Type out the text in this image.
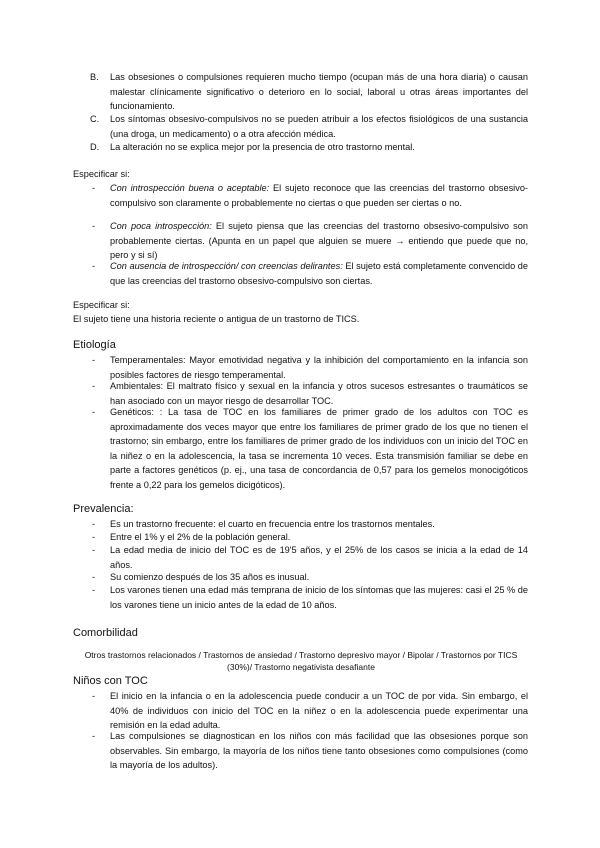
B. Las obsesiones o compulsiones requieren mucho tiempo (ocupan más de una hora diaria) o causan malestar clínicamente significativo o deterioro en lo social, laboral u otras áreas importantes del funcionamiento.

C. Los síntomas obsesivo-compulsivos no se pueden atribuir a los efectos fisiológicos de una sustancia (una droga, un medicamento) o a otra afección médica.

D. La alteración no se explica mejor por la presencia de otro trastorno mental.

Especificar si:
- Con introspección buena o aceptable: El sujeto reconoce que las creencias del trastorno obsesivo- compulsivo son claramente o probablemente no ciertas o que pueden ser ciertas o no.

- Con poca introspección: El sujeto piensa que las creencias del trastorno obsesivo-compulsivo son probablemente ciertas. (Apunta en un papel que alguien se muere → entiendo que puede que no, pero y si sí)

- Con ausencia de introspección/ con creencias delirantes: El sujeto está completamente convencido de que las creencias del trastorno obsesivo-compulsivo son ciertas.

Especificar si:
El sujeto tiene una historia reciente o antigua de un trastorno de TICS.
Etiología
- Temperamentales: Mayor emotividad negativa y la inhibición del comportamiento en la infancia son posibles factores de riesgo temperamental.

- Ambientales: El maltrato físico y sexual en la infancia y otros sucesos estresantes o traumáticos se han asociado con un mayor riesgo de desarrollar TOC.

- Genéticos: : La tasa de TOC en los familiares de primer grado de los adultos con TOC es aproximadamente dos veces mayor que entre los familiares de primer grado de los que no tienen el trastorno; sin embargo, entre los familiares de primer grado de los individuos con un inicio del TOC en la niñez o en la adolescencia, la tasa se incrementa 10 veces. Esta transmisión familiar se debe en parte a factores genéticos (p. ej., una tasa de concordancia de 0,57 para los gemelos monocigóticos frente a 0,22 para los gemelos dicigóticos).

Prevalencia:
- Es un trastorno frecuente: el cuarto en frecuencia entre los trastornos mentales.

- Entre el 1% y el 2% de la población general.

- La edad media de inicio del TOC es de 19'5 años, y el 25% de los casos se inicia a la edad de 14 años.

- Su comienzo después de los 35 años es inusual.

- Los varones tienen una edad más temprana de inicio de los síntomas que las mujeres: casi el 25 % de los varones tiene un inicio antes de la edad de 10 años.

Comorbilidad

Otros trastornos relacionados / Trastornos de ansiedad / Trastorno depresivo mayor / Bipolar / Trastornos por TICS (30%)/ Trastorno negativista desafiante

Niños con TOC
- El inicio en la infancia o en la adolescencia puede conducir a un TOC de por vida. Sin embargo, el 40% de individuos con inicio del TOC en la niñez o en la adolescencia puede experimentar una remisión en la edad adulta.

- Las compulsiones se diagnostican en los niños con más facilidad que las obsesiones porque son observables. Sin embargo, la mayoría de los niños tiene tanto obsesiones como compulsiones (como la mayoría de los adultos).
